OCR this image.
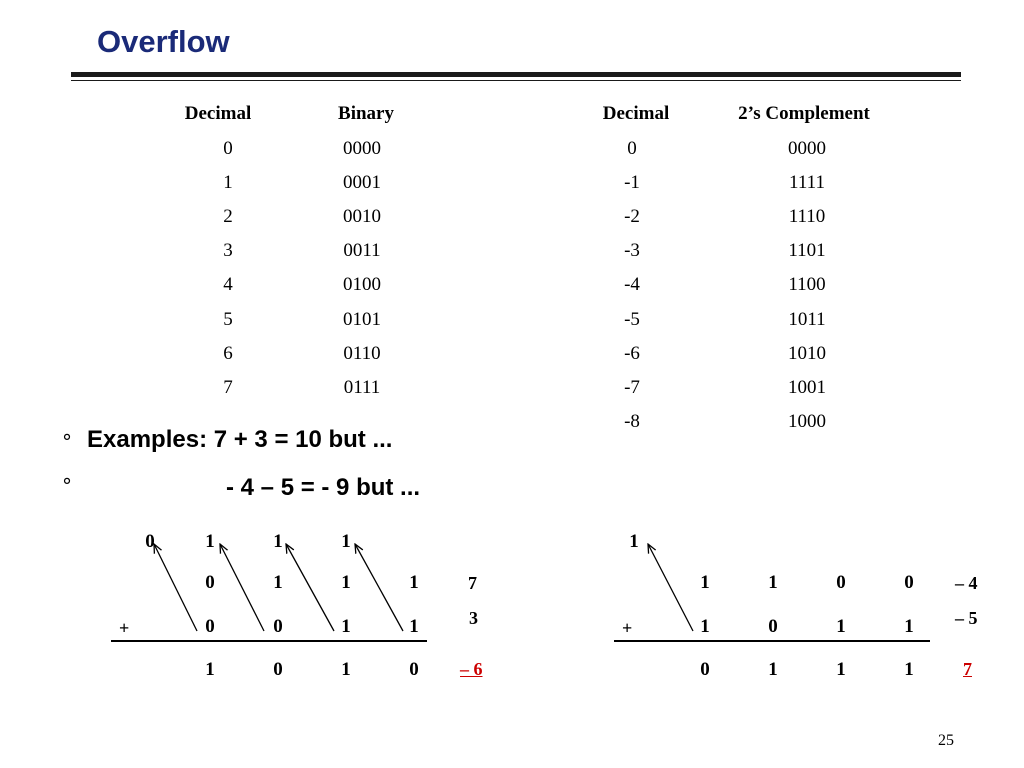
Overflow
Decimal	Binary
0	0000
1	0001
2	0010
3	0011
4	0100
5	0101
6	0110
7	0111
Decimal	2’s Complement
0	0000
-1	1111
-2	1110
-3	1101
-4	1100
-5	1011
-6	1010
-7	1001
-8	1000
° Examples: 7 + 3 = 10 but ...
°	- 4 – 5 = - 9 but ...
0	1	1	1
0	1	1	1	7
+	0	0	1	1	3
1	0	1	0 – 6
1
1	1	0	0 – 4
+	1	0	1	1 – 5
0	1	1	1	7
25
